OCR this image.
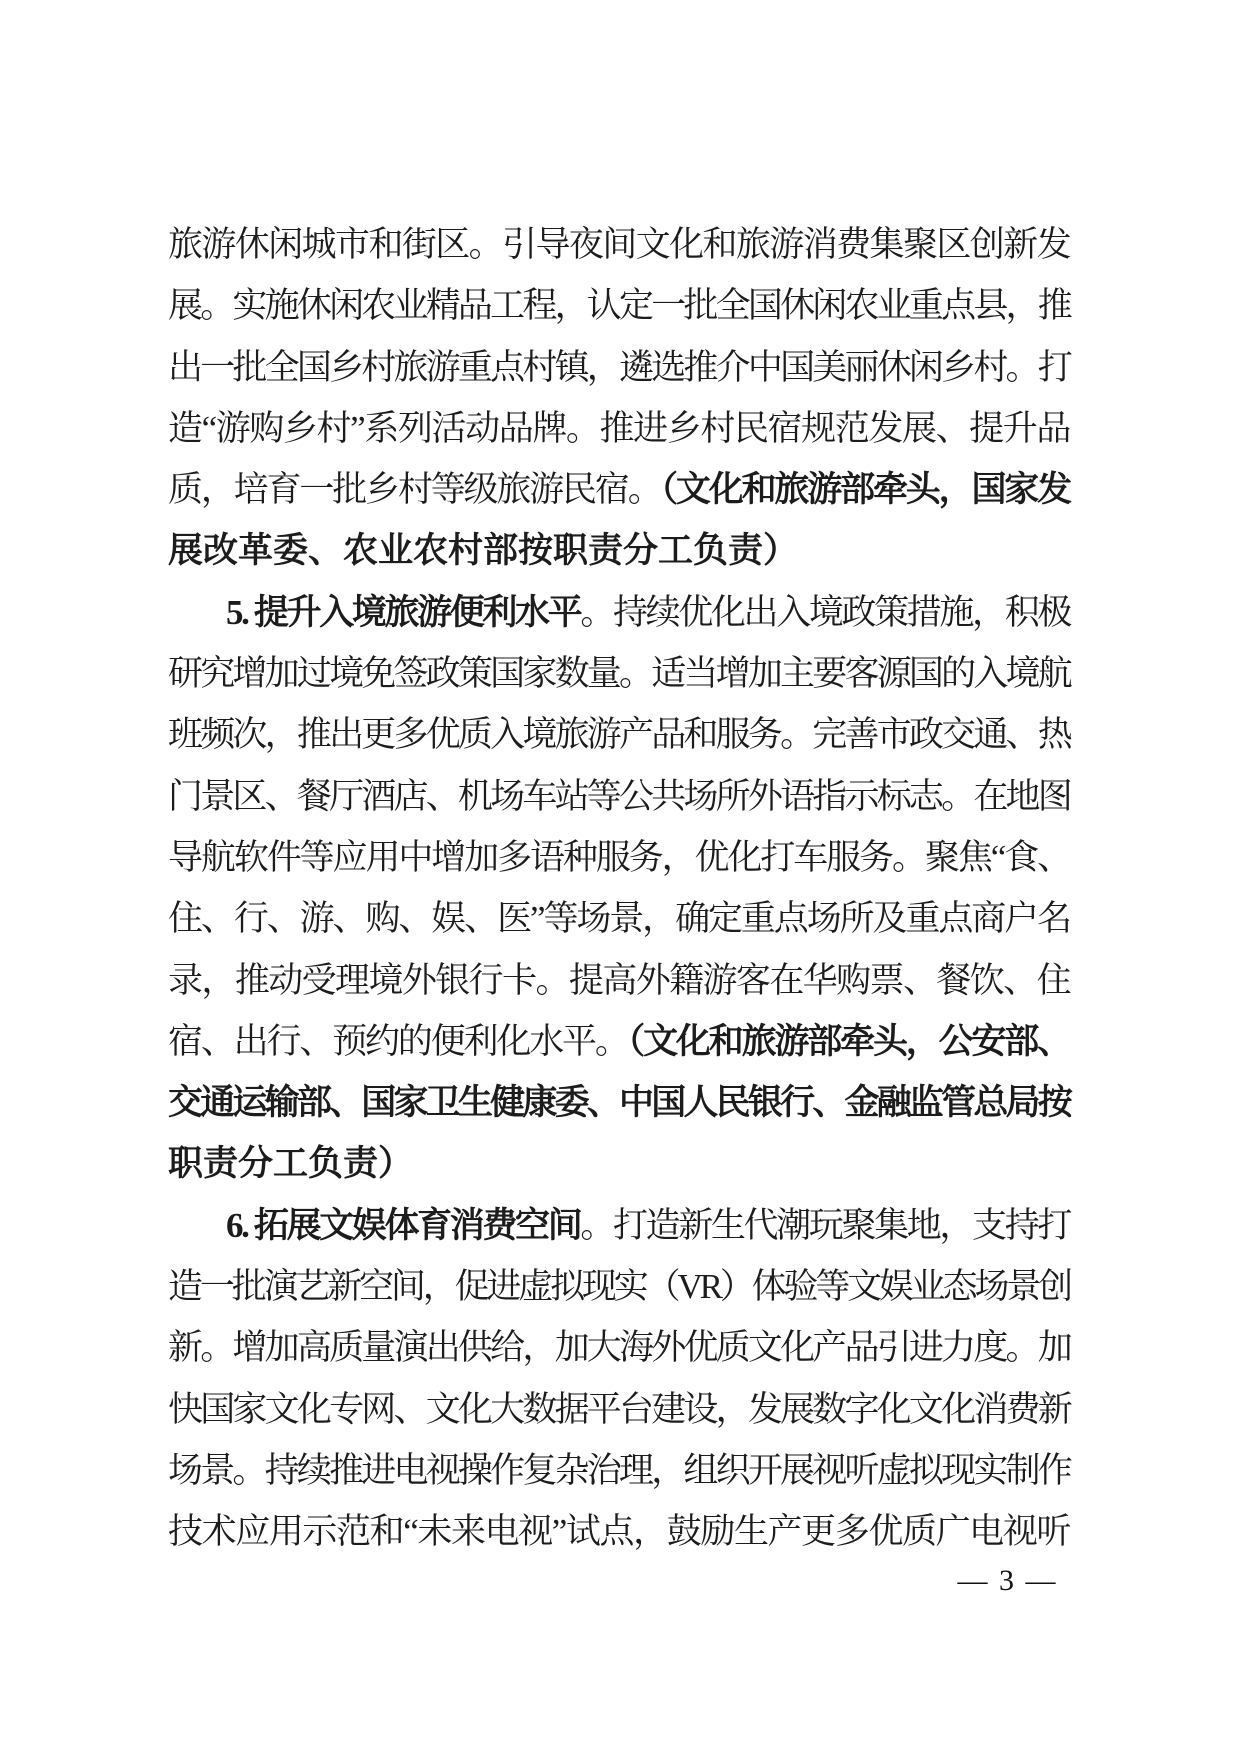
旅游休闲城市和街区。引导夜间文化和旅游消费集聚区创新发
展。实施休闲农业精品工程，认定一批全国休闲农业重点县，推
出一批全国乡村旅游重点村镇，遴选推介中国美丽休闲乡村。打
造“游购乡村”系列活动品牌。推进乡村民宿规范发展、提升品
质，培育一批乡村等级旅游民宿。（文化和旅游部牵头，国家发
展改革委、农业农村部按职责分工负责）
5. 提升入境旅游便利水平。持续优化出入境政策措施，积极
研究增加过境免签政策国家数量。适当增加主要客源国的入境航
班频次，推出更多优质入境旅游产品和服务。完善市政交通、热
门景区、餐厅酒店、机场车站等公共场所外语指示标志。在地图
导航软件等应用中增加多语种服务，优化打车服务。聚焦“食、
住、行、游、购、娱、医”等场景，确定重点场所及重点商户名
录，推动受理境外银行卡。提高外籍游客在华购票、餐饮、住
宿、出行、预约的便利化水平。（文化和旅游部牵头，公安部、
交通运输部、国家卫生健康委、中国人民银行、金融监管总局按
职责分工负责）
6. 拓展文娱体育消费空间。打造新生代潮玩聚集地，支持打
造一批演艺新空间，促进虚拟现实（VR）体验等文娱业态场景创
新。增加高质量演出供给，加大海外优质文化产品引进力度。加
快国家文化专网、文化大数据平台建设，发展数字化文化消费新
场景。持续推进电视操作复杂治理，组织开展视听虚拟现实制作
技术应用示范和“未来电视”试点，鼓励生产更多优质广电视听
— 3 —
